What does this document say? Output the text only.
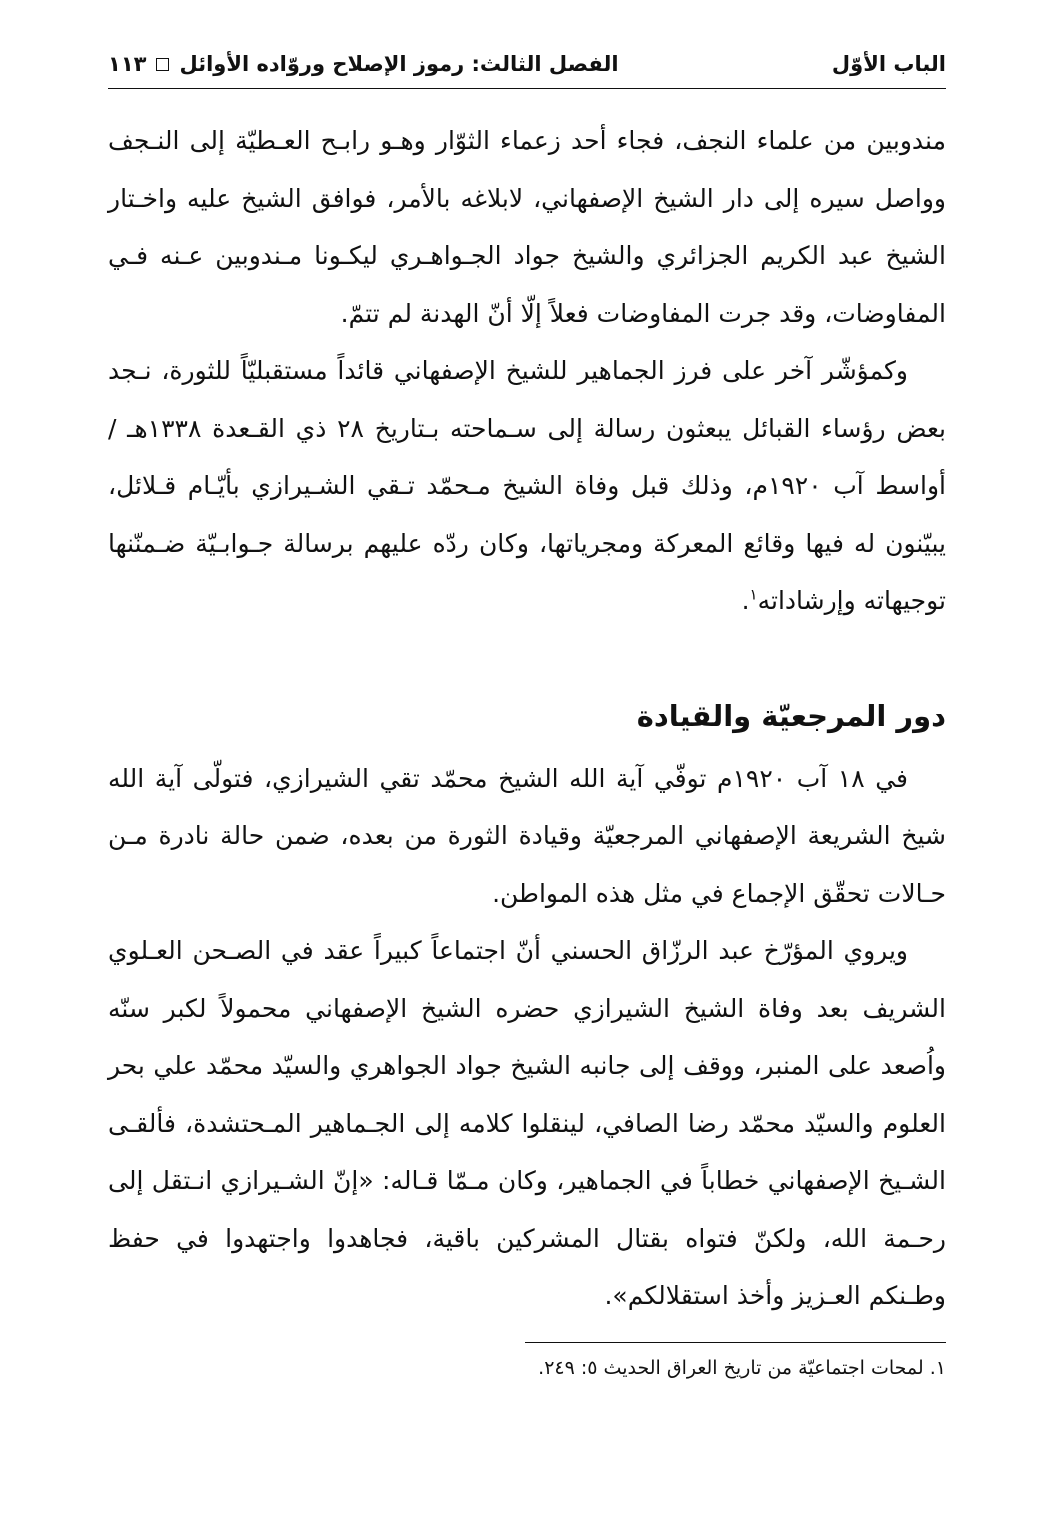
الباب الأوّل
الفصل الثالث: رموز الإصلاح وروّاده الأوائل
١١٣

مندوبين من علماء النجف، فجاء أحد زعماء الثوّار وهـو رابـح العـطيّة إلى النـجف وواصل سيره إلى دار الشيخ الإصفهاني، لابلاغه بالأمر، فوافق الشيخ عليه واخـتار الشيخ عبد الكريم الجزائري والشيخ جواد الجـواهـري ليكـونا مـندوبين عـنه فـي المفاوضات، وقد جرت المفاوضات فعلاً إلّا أنّ الهدنة لم تتمّ.

وكمؤشّر آخر على فرز الجماهير للشيخ الإصفهاني قائداً مستقبليّاً للثورة، نـجد بعض رؤساء القبائل يبعثون رسالة إلى سـماحته بـتاريخ ٢٨ ذي القـعدة ١٣٣٨هـ / أواسط آب ١٩٢٠م، وذلك قبل وفاة الشيخ مـحمّد تـقي الشـيرازي بأيّـام قـلائل، يبيّنون له فيها وقائع المعركة ومجرياتها، وكان ردّه عليهم برسالة جـوابـيّة ضـمنّنها توجيهاته وإرشاداته$^١$.

دور المرجعيّة والقيادة

في ١٨ آب ١٩٢٠م توفّي آية الله الشيخ محمّد تقي الشيرازي، فتولّى آية الله شيخ الشريعة الإصفهاني المرجعيّة وقيادة الثورة من بعده، ضمن حالة نادرة مـن حـالات تحقّق الإجماع في مثل هذه المواطن.

ويروي المؤرّخ عبد الرزّاق الحسني أنّ اجتماعاً كبيراً عقد في الصـحن العـلوي الشريف بعد وفاة الشيخ الشيرازي حضره الشيخ الإصفهاني محمولاً لكبر سنّه واُصعد على المنبر، ووقف إلى جانبه الشيخ جواد الجواهري والسيّد محمّد علي بحر العلوم والسيّد محمّد رضا الصافي، لينقلوا كلامه إلى الجـماهير المـحتشدة، فألقـى الشـيخ الإصفهاني خطاباً في الجماهير، وكان مـمّا قـاله: «إنّ الشـيرازي انـتقل إلى رحـمة الله، ولكنّ فتواه بقتال المشركين باقية، فجاهدوا واجتهدوا في حفظ وطـنكم العـزيز وأخذ استقلالكم».

١. لمحات اجتماعيّة من تاريخ العراق الحديث ٥: ٢٤٩.
